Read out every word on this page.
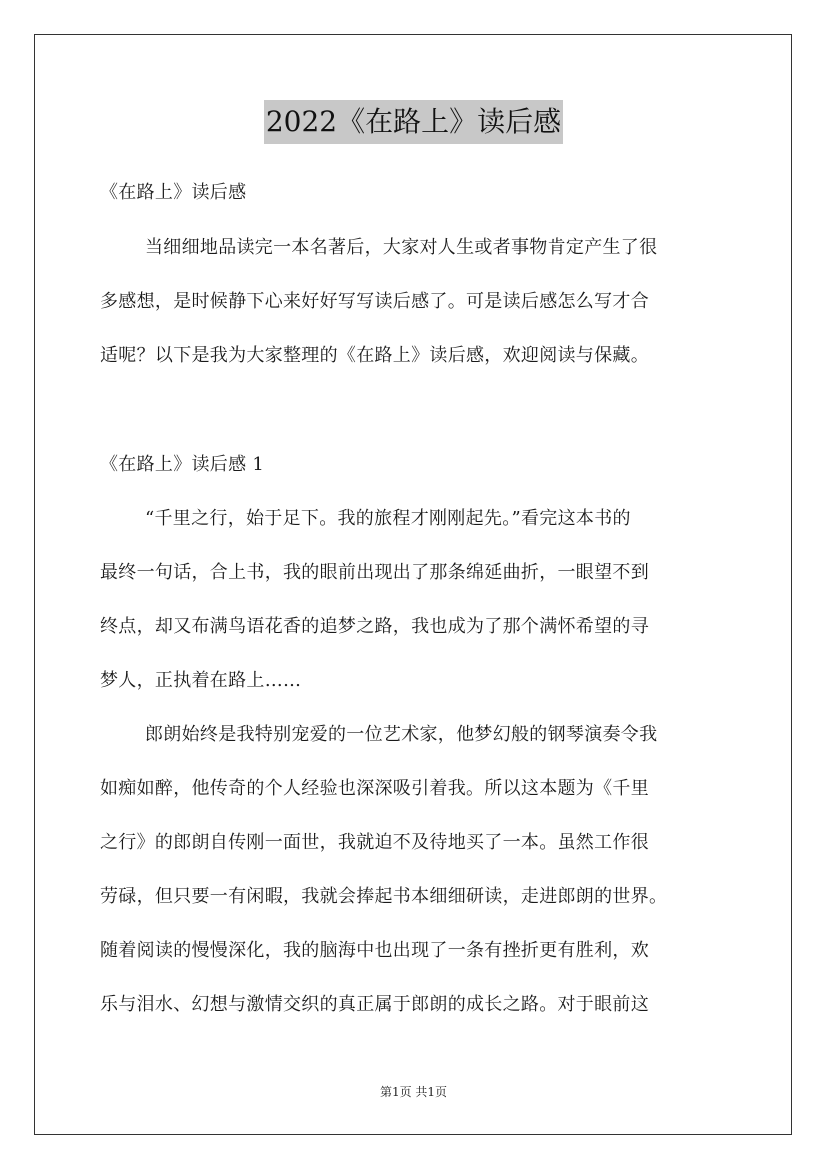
2022《在路上》读后感
《在路上》读后感
当细细地品读完一本名著后，大家对人生或者事物肯定产生了很
多感想，是时候静下心来好好写写读后感了。可是读后感怎么写才合
适呢？以下是我为大家整理的《在路上》读后感，欢迎阅读与保藏。
《在路上》读后感 1
“千里之行，始于足下。我的旅程才刚刚起先。”看完这本书的
最终一句话，合上书，我的眼前出现出了那条绵延曲折，一眼望不到
终点，却又布满鸟语花香的追梦之路，我也成为了那个满怀希望的寻
梦人，正执着在路上……
郎朗始终是我特别宠爱的一位艺术家，他梦幻般的钢琴演奏令我
如痴如醉，他传奇的个人经验也深深吸引着我。所以这本题为《千里
之行》的郎朗自传刚一面世，我就迫不及待地买了一本。虽然工作很
劳碌，但只要一有闲暇，我就会捧起书本细细研读，走进郎朗的世界。
随着阅读的慢慢深化，我的脑海中也出现了一条有挫折更有胜利，欢
乐与泪水、幻想与激情交织的真正属于郎朗的成长之路。对于眼前这
第1页 共1页
